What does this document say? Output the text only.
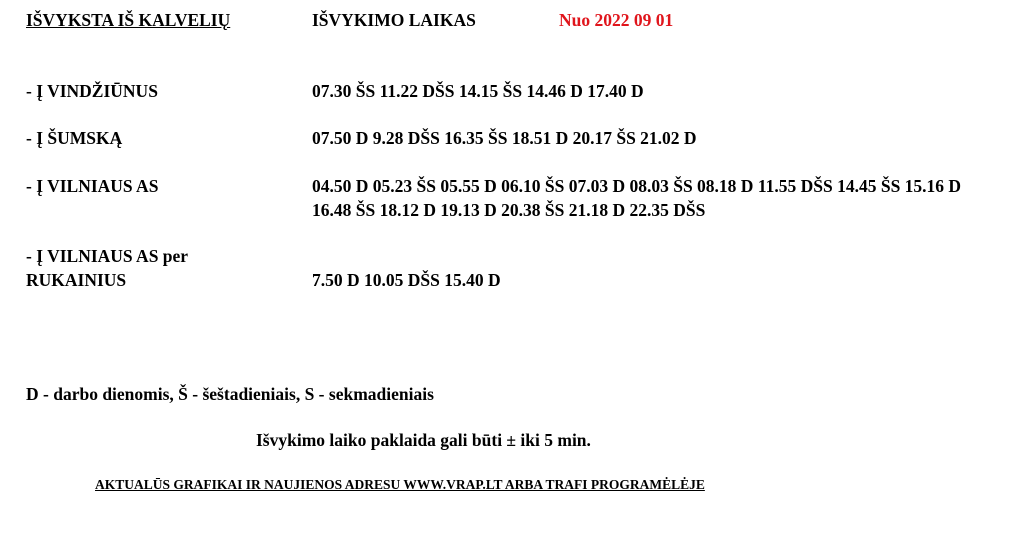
IŠVYKSTA IŠ KALVELIŲ	IŠVYKIMO LAIKAS	Nuo 2022 09 01
- Į VINDŽIŪNUS	07.30 ŠS 11.22 DŠS 14.15 ŠS 14.46 D 17.40 D
- Į ŠUMSKĄ	07.50 D 9.28 DŠS 16.35 ŠS 18.51 D 20.17 ŠS 21.02 D
- Į VILNIAUS AS	04.50 D 05.23 ŠS 05.55 D 06.10 ŠS 07.03 D 08.03 ŠS 08.18 D 11.55 DŠS 14.45 ŠS 15.16 D 16.48 ŠS 18.12 D 19.13 D 20.38 ŠS 21.18 D 22.35 DŠS
- Į VILNIAUS AS per
RUKAINIUS	7.50 D 10.05 DŠS 15.40 D
D - darbo dienomis, Š - šeštadieniais, S - sekmadieniais
Išvykimo laiko paklaida gali būti ± iki 5 min.
AKTUALŪS GRAFIKAI IR NAUJIENOS ADRESU WWW.VRAP.LT ARBA TRAFI PROGRAMĖLĖJE
